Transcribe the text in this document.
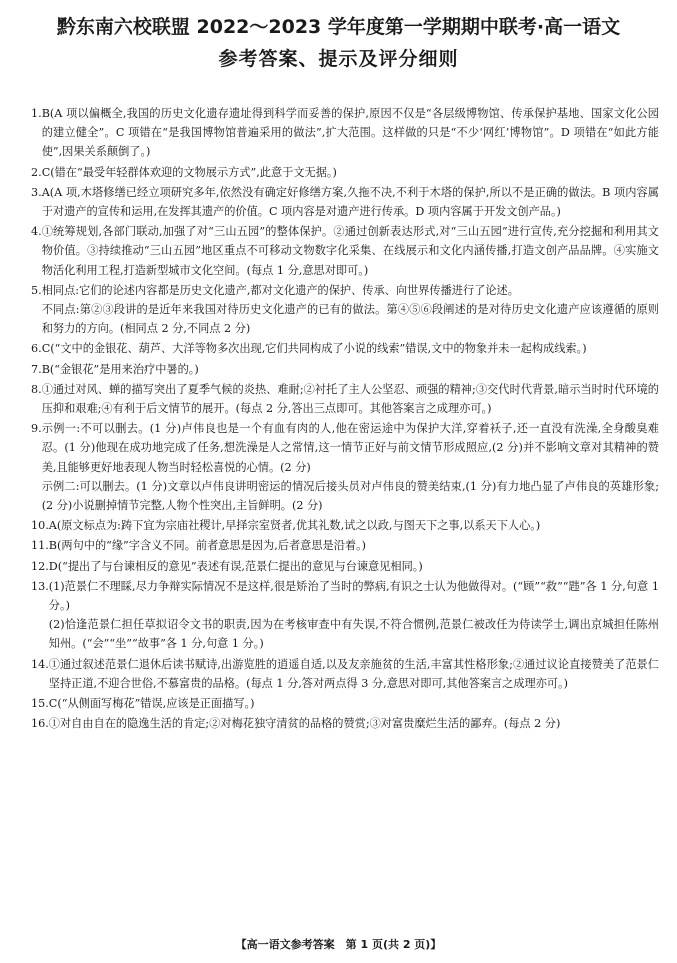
黔东南六校联盟 2022～2023 学年度第一学期期中联考·高一语文
参考答案、提示及评分细则
1. B(A 项以偏概全,我国的历史文化遗存遗址得到科学而妥善的保护,原因不仅是“各层级博物馆、传承保护基地、国家文化公园的建立健全”。C 项错在“是我国博物馆普遍采用的做法”,扩大范围。这样做的只是“不少‘网红’博物馆”。D 项错在“如此方能使”,因果关系颠倒了。)
2. C(错在“最受年轻群体欢迎的文物展示方式”,此意于文无据。)
3. A(A 项,木塔修缮已经立项研究多年,依然没有确定好修缮方案,久拖不决,不利于木塔的保护,所以不是正确的做法。B 项内容属于对遗产的宣传和运用,在发挥其遗产的价值。C 项内容是对遗产进行传承。D 项内容属于开发文创产品。)
4. ①统筹规划,各部门联动,加强了对“三山五园”的整体保护。②通过创新表达形式,对“三山五园”进行宣传,充分挖掘和利用其文物价值。③持续推动“三山五园”地区重点不可移动文物数字化采集、在线展示和文化内涵传播,打造文创产品品牌。④实施文物活化利用工程,打造新型城市文化空间。(每点 1 分,意思对即可。)
5. 相同点:它们的论述内容都是历史文化遗产,都对文化遗产的保护、传承、向世界传播进行了论述。
不同点:第②③段讲的是近年来我国对待历史文化遗产的已有的做法。第④⑤⑥段阐述的是对待历史文化遗产应该遵循的原则和努力的方向。(相同点 2 分,不同点 2 分)
6. C(“文中的金银花、葫芦、大洋等物多次出现,它们共同构成了小说的线索”错误,文中的物象并未一起构成线索。)
7. B(“金银花”是用来治疗中暑的。)
8. ①通过对风、蝉的描写突出了夏季气候的炎热、难耐;②衬托了主人公坚忍、顽强的精神;③交代时代背景,暗示当时时代环境的压抑和艰难;④有利于后文情节的展开。(每点 2 分,答出三点即可。其他答案言之成理亦可。)
9. 示例一:不可以删去。(1 分)卢伟良也是一个有血有肉的人,他在密运途中为保护大洋,穿着袄子,还一直没有洗澡,全身酸臭难忍。(1 分)他现在成功地完成了任务,想洗澡是人之常情,这一情节正好与前文情节形成照应,(2 分)并不影响文章对其精神的赞美,且能够更好地表现人物当时轻松喜悦的心情。(2 分)
示例二:可以删去。(1 分)文章以卢伟良讲明密运的情况后接头员对卢伟良的赞美结束,(1 分)有力地凸显了卢伟良的英雄形象;(2 分)小说删掉情节完整,人物个性突出,主旨鲜明。(2 分)
10. A(原文标点为:踌下宜为宗庙社稷计,早择宗室贤者,优其礼数,试之以政,与图天下之事,以系天下人心。)
11. B(两句中的“缘”字含义不同。前者意思是因为,后者意思是沿着。)
12. D(“提出了与台谏相反的意见”表述有误,范景仁提出的意见与台谏意见相同。)
13. (1)范景仁不理睬,尽力争辩实际情况不是这样,很是矫治了当时的弊病,有识之士认为他做得对。(“顾”“救”“韪”各 1 分,句意 1 分。)
(2)恰逢范景仁担任草拟诏令文书的职责,因为在考核审查中有失误,不符合惯例,范景仁被改任为侍读学士,调出京城担任陈州知州。(“会”“坐”“故事”各 1 分,句意 1 分。)
14. ①通过叙述范景仁退休后读书赋诗,出游览胜的逍遥自适,以及友亲施贫的生活,丰富其性格形象;②通过议论直接赞美了范景仁坚持正道,不迎合世俗,不慕富贵的品格。(每点 1 分,答对两点得 3 分,意思对即可,其他答案言之成理亦可。)
15. C(“从侧面写梅花”错误,应该是正面描写。)
16. ①对自由自在的隐逸生活的肯定;②对梅花独守清贫的品格的赞赏;③对富贵糜烂生活的鄙弃。(每点 2 分)
【高一语文参考答案　第 1 页(共 2 页)】
